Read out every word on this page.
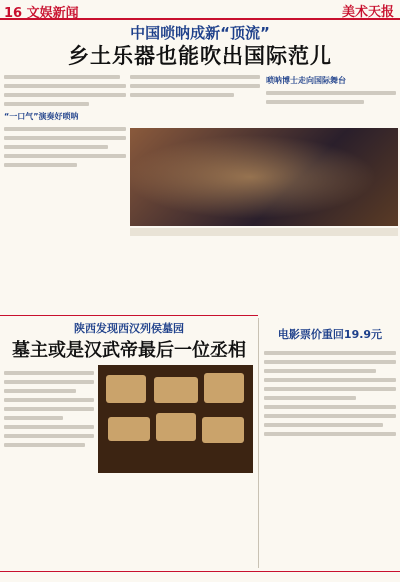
16 文娱新闻	美术天报
中国唢呐成新“顶流”
乡土乐器也能吹出国际范儿
“一口气”演奏好唢呐
唢呐博士走向国际舞台
陕西发现西汉列侯墓园
墓主或是汉武帝最后一位丞相
电影票价重回19.9元
